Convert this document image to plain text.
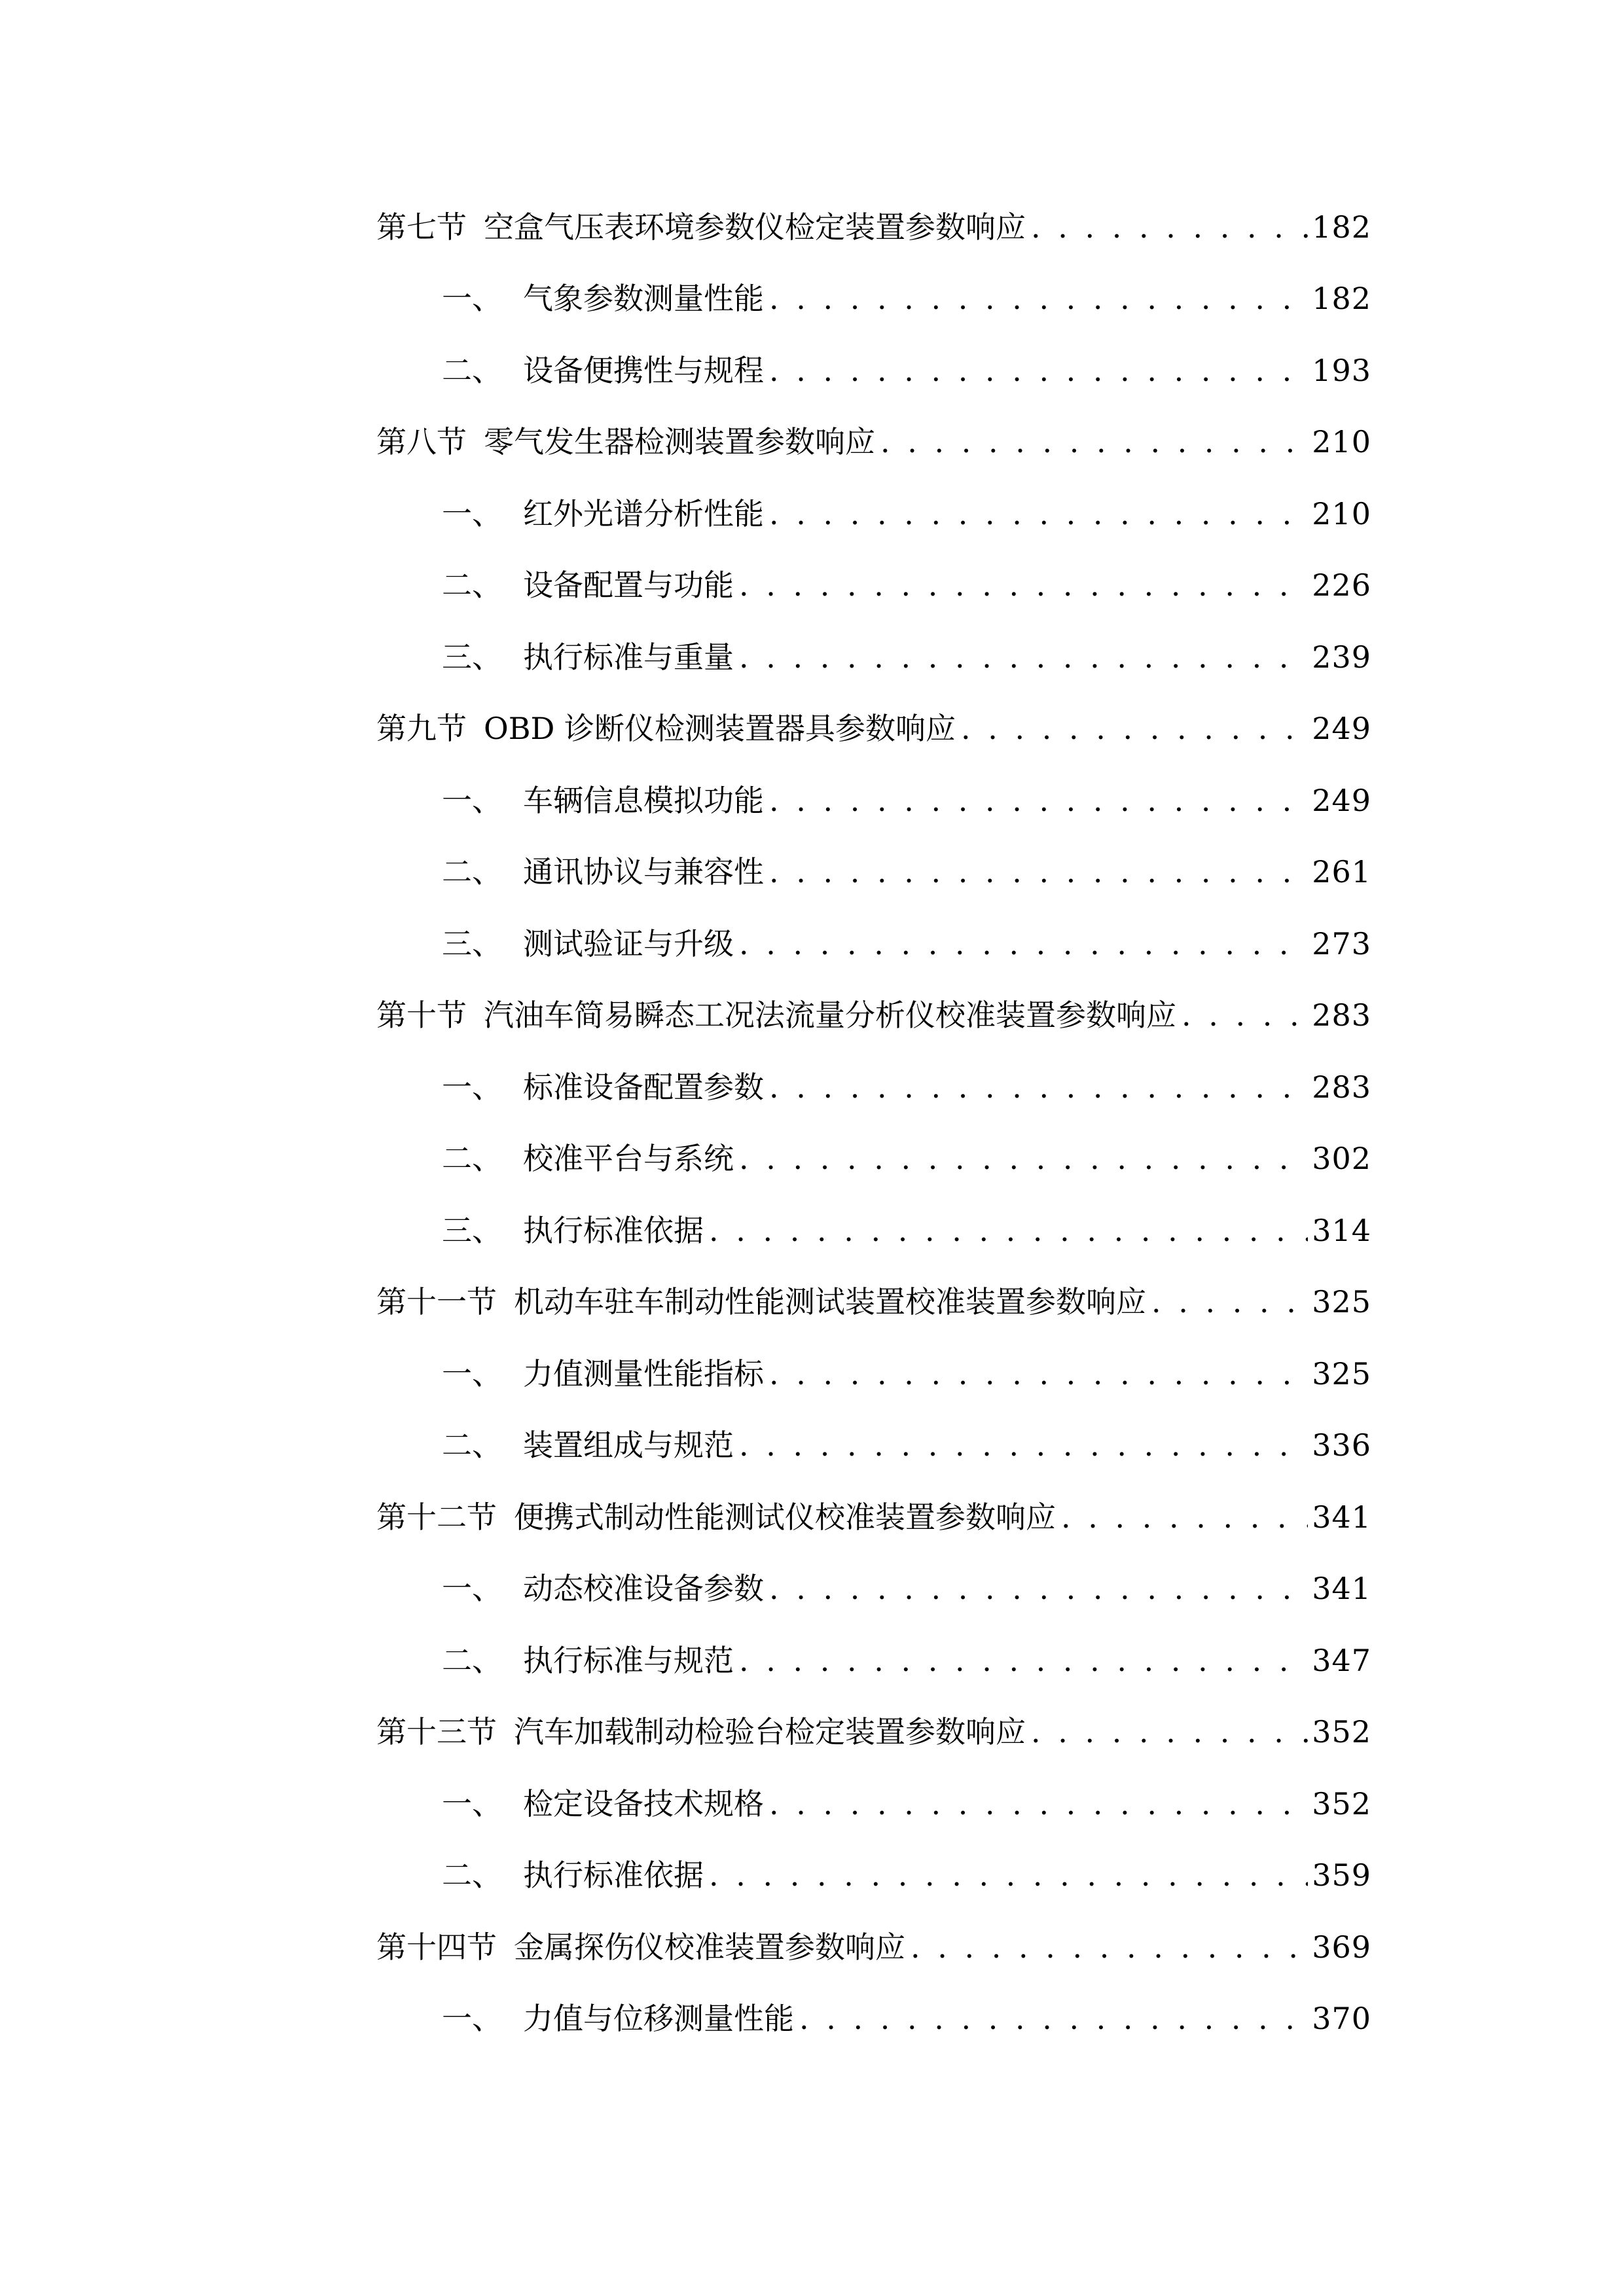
第七节 空盒气压表环境参数仪检定装置参数响应 . . .	182
一、 气象参数测量性能 . . .	182
二、 设备便携性与规程 . . .	193
第八节 零气发生器检测装置参数响应 . . .	210
一、 红外光谱分析性能 . . .	210
二、 设备配置与功能 . . .	226
三、 执行标准与重量 . . .	239
第九节 OBD 诊断仪检测装置器具参数响应 . . .	249
一、 车辆信息模拟功能 . . .	249
二、 通讯协议与兼容性 . . .	261
三、 测试验证与升级 . . .	273
第十节 汽油车简易瞬态工况法流量分析仪校准装置参数响应 . . .	283
一、 标准设备配置参数 . . .	283
二、 校准平台与系统 . . .	302
三、 执行标准依据 . . .	314
第十一节 机动车驻车制动性能测试装置校准装置参数响应 . . .	325
一、 力值测量性能指标 . . .	325
二、 装置组成与规范 . . .	336
第十二节 便携式制动性能测试仪校准装置参数响应 . . .	341
一、 动态校准设备参数 . . .	341
二、 执行标准与规范 . . .	347
第十三节 汽车加载制动检验台检定装置参数响应 . . .	352
一、 检定设备技术规格 . . .	352
二、 执行标准依据 . . .	359
第十四节 金属探伤仪校准装置参数响应 . . .	369
一、 力值与位移测量性能 . . .	370
